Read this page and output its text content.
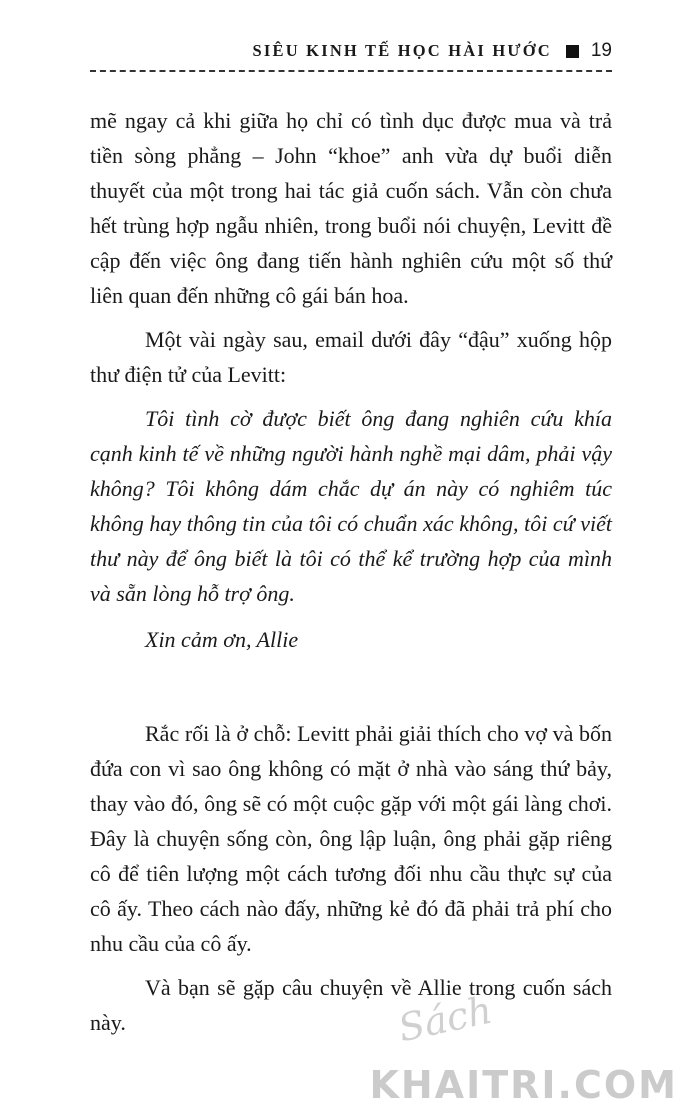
SIÊU KINH TẾ HỌC HÀI HƯỚC 19

mẽ ngay cả khi giữa họ chỉ có tình dục được mua và trả tiền sòng phẳng – John “khoe” anh vừa dự buổi diễn thuyết của một trong hai tác giả cuốn sách. Vẫn còn chưa hết trùng hợp ngẫu nhiên, trong buổi nói chuyện, Levitt đề cập đến việc ông đang tiến hành nghiên cứu một số thứ liên quan đến những cô gái bán hoa.

Một vài ngày sau, email dưới đây “đậu” xuống hộp thư điện tử của Levitt:

Tôi tình cờ được biết ông đang nghiên cứu khía cạnh kinh tế về những người hành nghề mại dâm, phải vậy không? Tôi không dám chắc dự án này có nghiêm túc không hay thông tin của tôi có chuẩn xác không, tôi cứ viết thư này để ông biết là tôi có thể kể trường hợp của mình và sẵn lòng hỗ trợ ông.

Xin cảm ơn, Allie

Rắc rối là ở chỗ: Levitt phải giải thích cho vợ và bốn đứa con vì sao ông không có mặt ở nhà vào sáng thứ bảy, thay vào đó, ông sẽ có một cuộc gặp với một gái làng chơi. Đây là chuyện sống còn, ông lập luận, ông phải gặp riêng cô để tiên lượng một cách tương đối nhu cầu thực sự của cô ấy. Theo cách nào đấy, những kẻ đó đã phải trả phí cho nhu cầu của cô ấy.

Và bạn sẽ gặp câu chuyện về Allie trong cuốn sách này.	Sách
KHAITRI.COM
